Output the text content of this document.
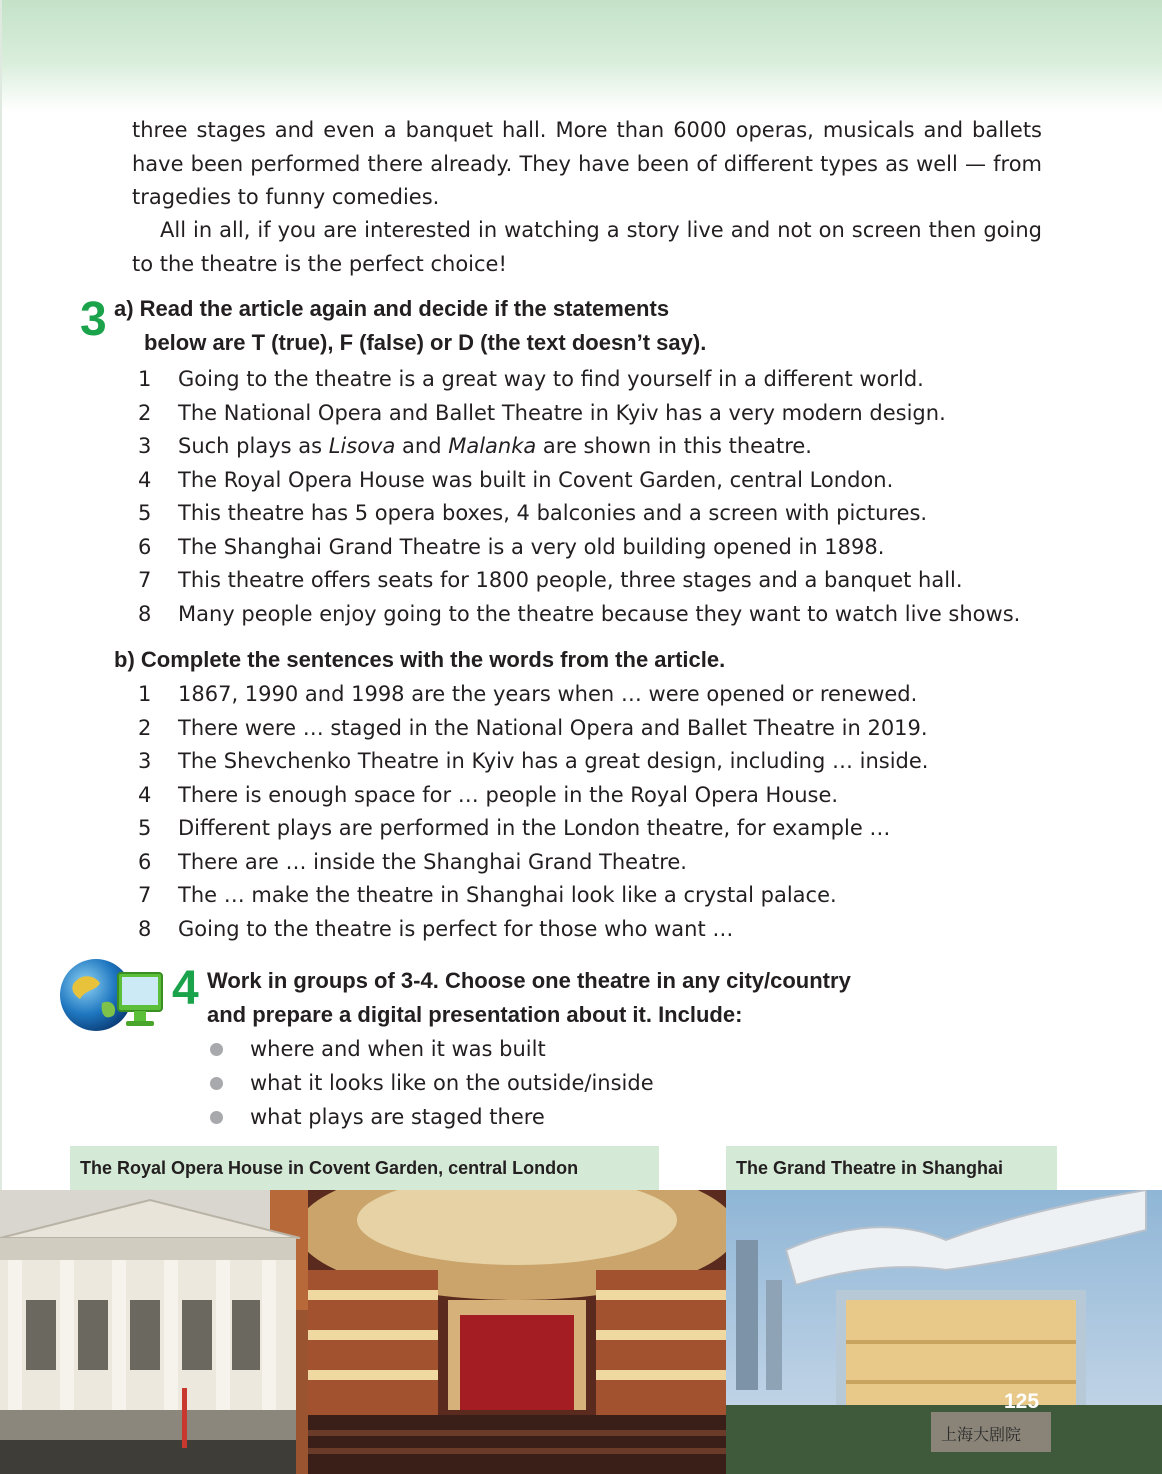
three stages and even a banquet hall. More than 6000 operas, musicals and ballets have been performed there already. They have been of different types as well — from tragedies to funny comedies.

All in all, if you are interested in watching a story live and not on screen then going to the theatre is the perfect choice!

3 a) Read the article again and decide if the statements
below are T (true), F (false) or D (the text doesn’t say).
1	Going to the theatre is a great way to find yourself in a different world.
2	The National Opera and Ballet Theatre in Kyiv has a very modern design.
3	Such plays as Lisova and Malanka are shown in this theatre.
4	The Royal Opera House was built in Covent Garden, central London.
5	This theatre has 5 opera boxes, 4 balconies and a screen with pictures.
6	The Shanghai Grand Theatre is a very old building opened in 1898.
7	This theatre offers seats for 1800 people, three stages and a banquet hall.
8	Many people enjoy going to the theatre because they want to watch live shows.
b) Complete the sentences with the words from the article.
1	1867, 1990 and 1998 are the years when … were opened or renewed.
2	There were … staged in the National Opera and Ballet Theatre in 2019.
3	The Shevchenko Theatre in Kyiv has a great design, including … inside.
4	There is enough space for … people in the Royal Opera House.
5	Different plays are performed in the London theatre, for example …
6	There are … inside the Shanghai Grand Theatre.
7	The … make the theatre in Shanghai look like a crystal palace.
8	Going to the theatre is perfect for those who want …
4 Work in groups of 3-4. Choose one theatre in any city/country
and prepare a digital presentation about it. Include:
where and when it was built
what it looks like on the outside/inside
what plays are staged there
The Royal Opera House in Covent Garden, central London	The Grand Theatre in Shanghai
上海大剧院
125
